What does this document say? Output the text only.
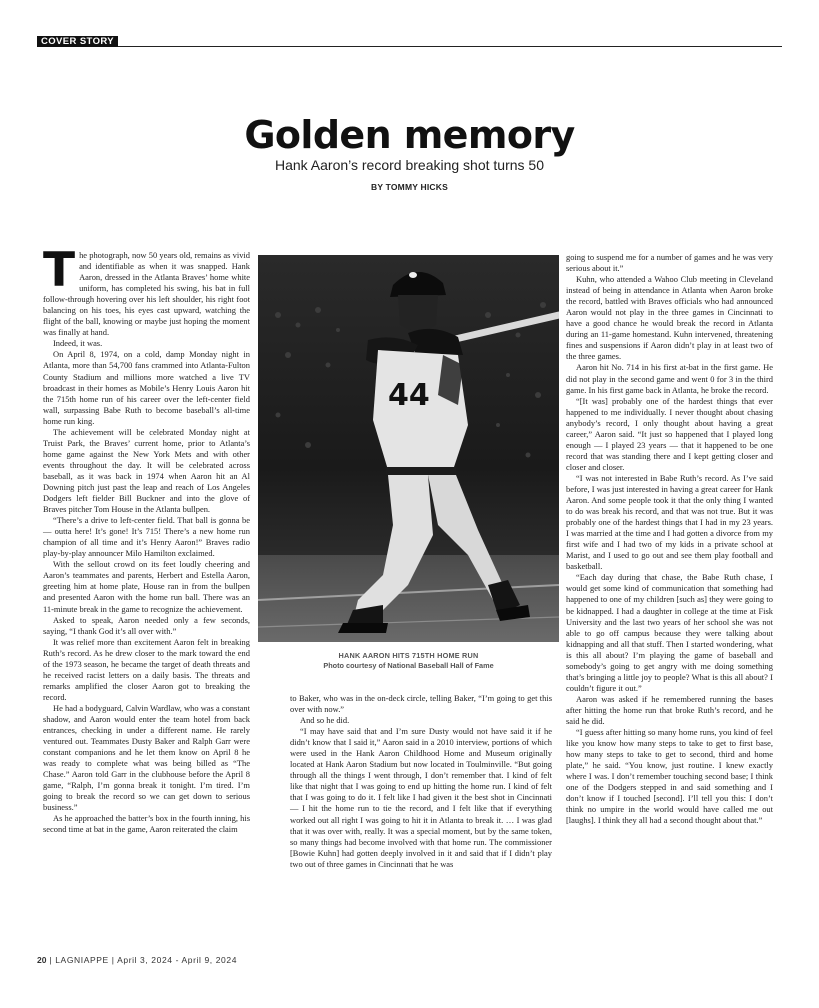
COVER STORY
Golden memory
Hank Aaron’s record breaking shot turns 50
BY TOMMY HICKS

The photograph, now 50 years old, remains as vivid and identifiable as when it was snapped. Hank Aaron, dressed in the Atlanta Braves’ home white uniform, has completed his swing, his bat in full follow-through hovering over his left shoulder, his right foot balancing on his toes, his eyes cast upward, watching the flight of the ball, knowing or maybe just hoping the moment was finally at hand.

Indeed, it was.

On April 8, 1974, on a cold, damp Monday night in Atlanta, more than 54,700 fans crammed into Atlanta-Fulton County Stadium and millions more watched a live TV broadcast in their homes as Mobile’s Henry Louis Aaron hit the 715th home run of his career over the left-center field wall, surpassing Babe Ruth to become baseball’s all-time home run king.

The achievement will be celebrated Monday night at Truist Park, the Braves’ current home, prior to Atlanta’s home game against the New York Mets and with other events throughout the day. It will be celebrated across baseball, as it was back in 1974 when Aaron hit an Al Downing pitch just past the leap and reach of Los Angeles Dodgers left fielder Bill Buckner and into the glove of Braves pitcher Tom House in the Atlanta bullpen.

“There’s a drive to left-center field. That ball is gonna be — outta here! It’s gone! It’s 715! There’s a new home run champion of all time and it’s Henry Aaron!” Braves radio play-by-play announcer Milo Hamilton exclaimed.

With the sellout crowd on its feet loudly cheering and Aaron’s teammates and parents, Herbert and Estella Aaron, greeting him at home plate, House ran in from the bullpen and presented Aaron with the home run ball. There was an 11-minute break in the game to recognize the achievement.

Asked to speak, Aaron needed only a few seconds, saying, “I thank God it’s all over with.”

It was relief more than excitement Aaron felt in breaking Ruth’s record. As he drew closer to the mark toward the end of the 1973 season, he became the target of death threats and he received racist letters on a daily basis. The threats and remarks amplified the closer Aaron got to breaking the record.

He had a bodyguard, Calvin Wardlaw, who was a constant shadow, and Aaron would enter the team hotel from back entrances, checking in under a different name. He rarely ventured out. Teammates Dusty Baker and Ralph Garr were constant companions and he let them know on April 8 he was ready to complete what was being billed as “The Chase.” Aaron told Garr in the clubhouse before the April 8 game, “Ralph, I’m gonna break it tonight. I’m tired. I’m going to break the record so we can get down to serious business.”

As he approached the batter’s box in the fourth inning, his second time at bat in the game, Aaron reiterated the claim

44
HANK AARON HITS 715TH HOME RUN
Photo courtesy of National Baseball Hall of Fame

to Baker, who was in the on-deck circle, telling Baker, “I’m going to get this over with now.”

And so he did.

“I may have said that and I’m sure Dusty would not have said it if he didn’t know that I said it,” Aaron said in a 2010 interview, portions of which were used in the Hank Aaron Childhood Home and Museum originally located at Hank Aaron Stadium but now located in Toulminville. “But going through all the things I went through, I don’t remember that. I kind of felt like that night that I was going to end up hitting the home run. I kind of felt that I was going to do it. I felt like I had given it the best shot in Cincinnati — I hit the home run to tie the record, and I felt like that if everything worked out all right I was going to hit it in Atlanta to break it. … I was glad that it was over with, really. It was a special moment, but by the same token, so many things had become involved with that home run. The commissioner [Bowie Kuhn] had gotten deeply involved in it and said that if I didn’t play two out of three games in Cincinnati that he was

going to suspend me for a number of games and he was very serious about it.”

Kuhn, who attended a Wahoo Club meeting in Cleveland instead of being in attendance in Atlanta when Aaron broke the record, battled with Braves officials who had announced Aaron would not play in the three games in Cincinnati to have a good chance he would break the record in Atlanta during an 11-game homestand. Kuhn intervened, threatening fines and suspensions if Aaron didn’t play in at least two of the three games.

Aaron hit No. 714 in his first at-bat in the first game. He did not play in the second game and went 0 for 3 in the third game. In his first game back in Atlanta, he broke the record.

“[It was] probably one of the hardest things that ever happened to me individually. I never thought about chasing anybody’s record, I only thought about having a great career,” Aaron said. “It just so happened that I played long enough — I played 23 years — that it happened to be one record that was standing there and I kept getting closer and closer and closer.

“I was not interested in Babe Ruth’s record. As I’ve said before, I was just interested in having a great career for Hank Aaron. And some people took it that the only thing I wanted to do was break his record, and that was not true. But it was probably one of the hardest things that I had in my 23 years. I was married at the time and I had gotten a divorce from my first wife and I had two of my kids in a private school at Marist, and I used to go out and see them play football and basketball.

“Each day during that chase, the Babe Ruth chase, I would get some kind of communication that something had happened to one of my children [such as] they were going to be kidnapped. I had a daughter in college at the time at Fisk University and the last two years of her school she was not able to go off campus because they were talking about kidnapping and all that stuff. Then I started wondering, what is this all about? I’m playing the game of baseball and somebody’s going to get angry with me doing something that’s bringing a little joy to people? What is this all about? I couldn’t figure it out.”

Aaron was asked if he remembered running the bases after hitting the home run that broke Ruth’s record, and he said he did.

“I guess after hitting so many home runs, you kind of feel like you know how many steps to take to get to first base, how many steps to take to get to second, third and home plate,” he said. “You know, just routine. I knew exactly where I was. I don’t remember touching second base; I think one of the Dodgers stepped in and said something and I don’t know if I touched [second]. I’ll tell you this: I don’t think no umpire in the world would have called me out [laughs]. I think they all had a second thought about that.”

20 | LAGNIAPPE | April 3, 2024 - April 9, 2024
